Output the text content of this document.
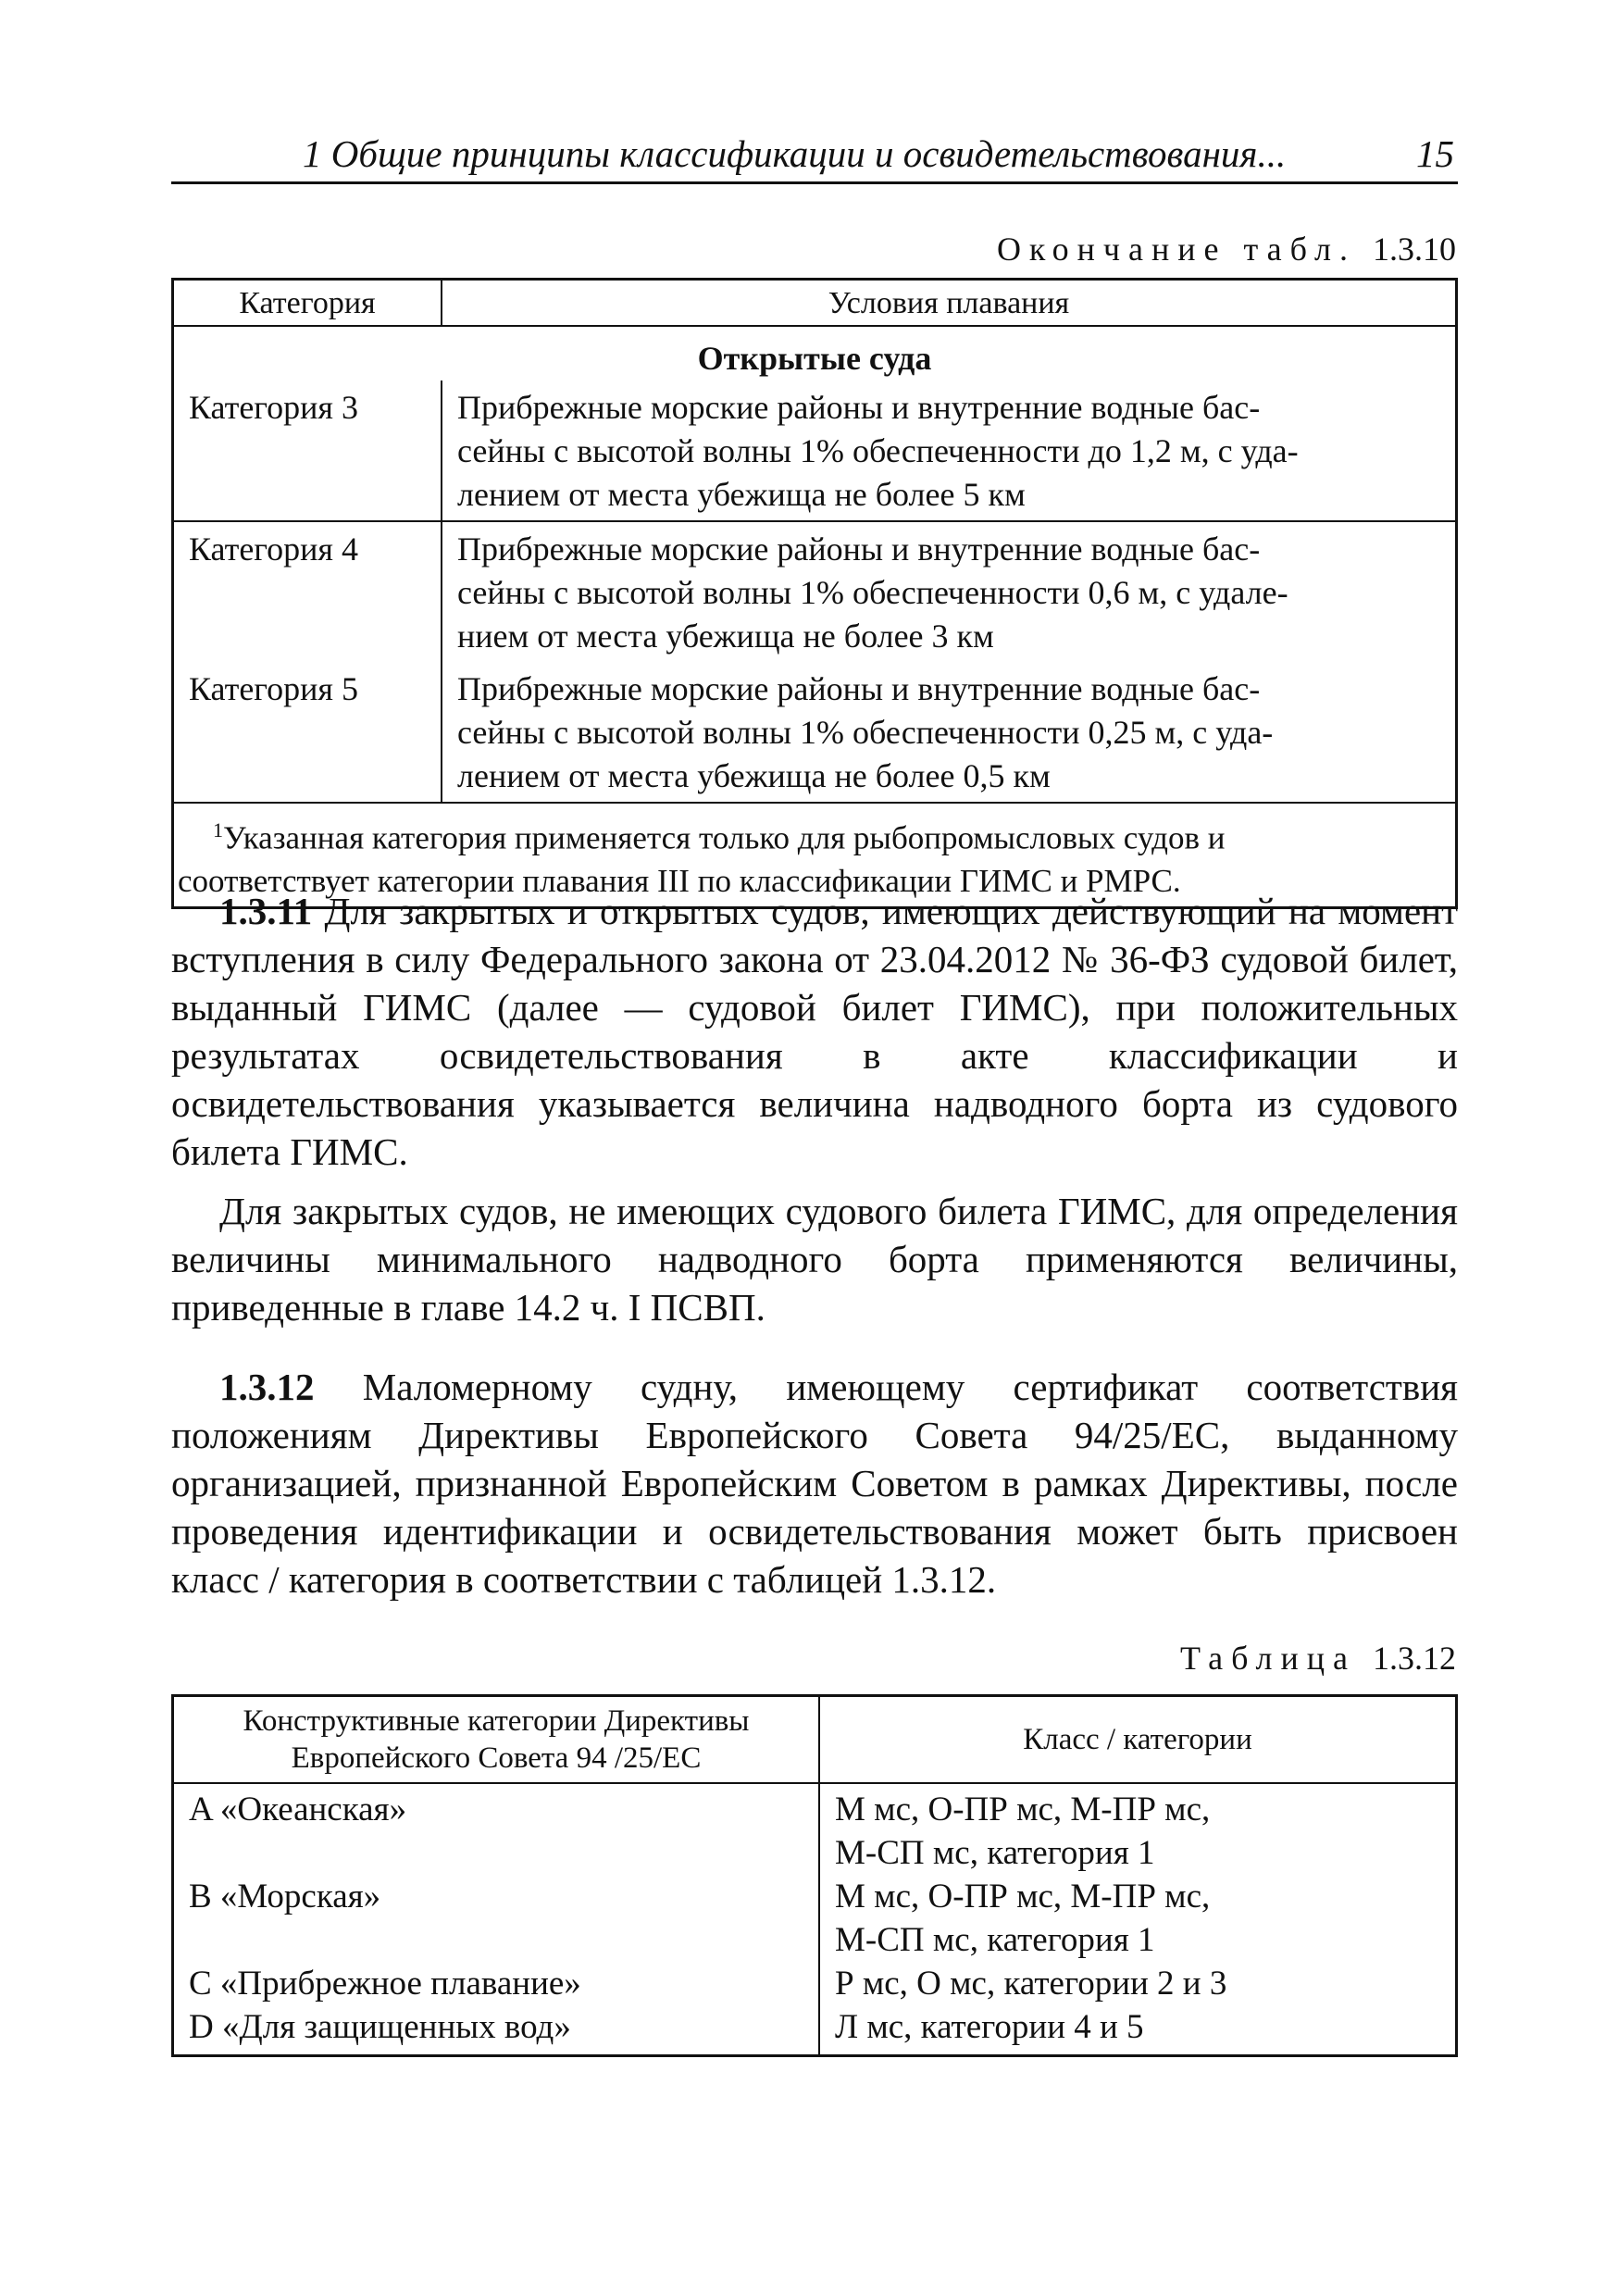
1 Общие принципы классификации и освидетельствования...	15
Окончание табл. 1.3.10
Категория	Условия плавания
Открытые суда	
Категория 3	Прибрежные морские районы и внутренние водные бас-
сейны с высотой волны 1% обеспеченности до 1,2 м, с уда-
лением от места убежища не более 5 км

Категория 4	Прибрежные морские районы и внутренние водные бас-
сейны с высотой волны 1% обеспеченности 0,6 м, с удале-
нием от места убежища не более 3 км

Категория 5	Прибрежные морские районы и внутренние водные бас-
сейны с высотой волны 1% обеспеченности 0,25 м, с уда-
лением от места убежища не более 0,5 км

$^1$Указанная категория применяется только для рыбопромысловых судов и
соответствует категории плавания III по классификации ГИМС и РМРС.	

1.3.11 Для закрытых и открытых судов, имеющих действующий на момент вступления в силу Федерального закона от 23.04.2012 № 36-ФЗ судовой билет, выданный ГИМС (далее — судовой билет ГИМС), при положительных результатах освидетельствования в акте классификации и освидетельствования указывается величина надводного борта из судового билета ГИМС.

Для закрытых судов, не имеющих судового билета ГИМС, для определения величины минимального надводного борта применяются величины, приведенные в главе 14.2 ч. I ПСВП.

1.3.12 Маломерному судну, имеющему сертификат соответствия положениям Директивы Европейского Совета 94/25/ЕС, выданному организацией, признанной Европейским Советом в рамках Директивы, после проведения идентификации и освидетельствования может быть присвоен класс / категория в соответствии с таблицей 1.3.12.

Таблица 1.3.12
Конструктивные категории Директивы
Европейского Совета 94 /25/ЕС	Класс / категории
A «Океанская»	М мс, О-ПР мс, М-ПР мс,
	М-СП мс, категория 1
B «Морская»	М мс, О-ПР мс, М-ПР мс,
	М-СП мс, категория 1
C «Прибрежное плавание»	Р мс, О мс, категории 2 и 3
D «Для защищенных вод»	Л мс, категории 4 и 5
